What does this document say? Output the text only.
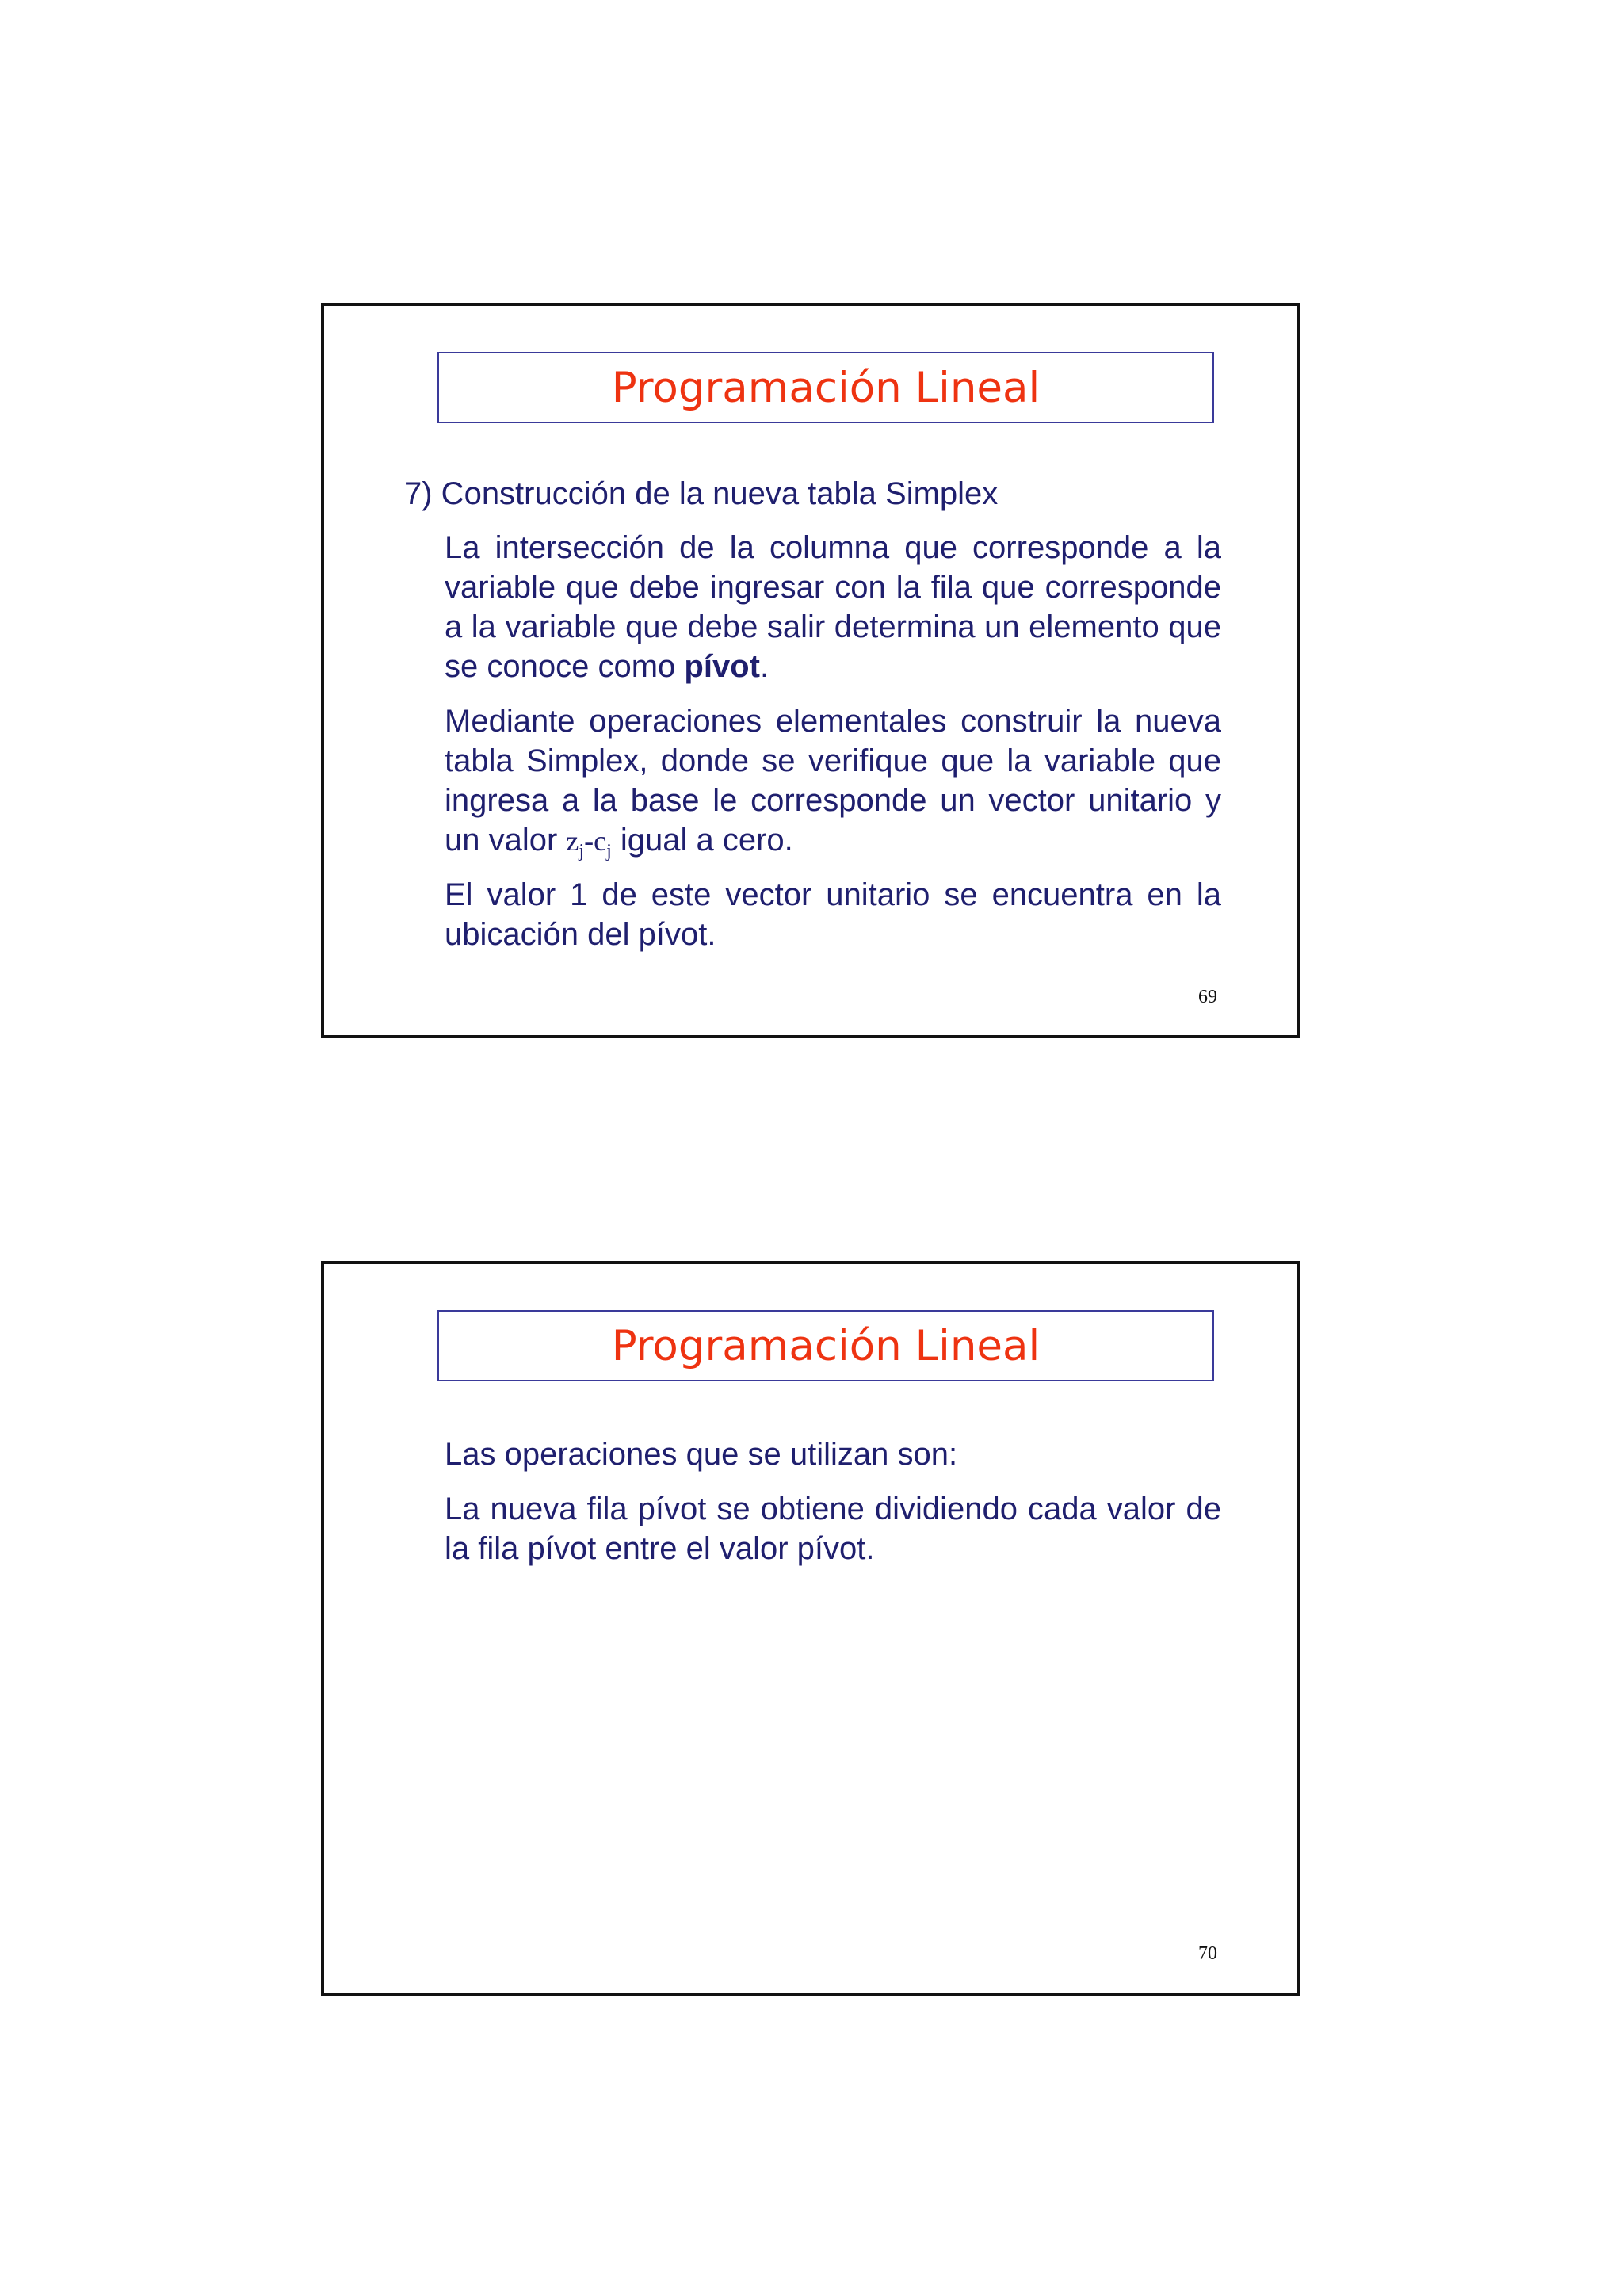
Programación Lineal
7) Construcción de la nueva tabla Simplex

La intersección de la columna que corresponde a la variable que debe ingresar con la fila que corresponde a la variable que debe salir determina un elemento que se conoce como pívot.

Mediante operaciones elementales construir la nueva tabla Simplex, donde se verifique que la variable que ingresa a la base le corresponde un vector unitario y un valor $z_j-c_j$ igual a cero.

El valor 1 de este vector unitario se encuentra en la ubicación del pívot.

69
Programación Lineal

Las operaciones que se utilizan son:

La nueva fila pívot se obtiene dividiendo cada valor de la fila pívot entre el valor pívot.

70
